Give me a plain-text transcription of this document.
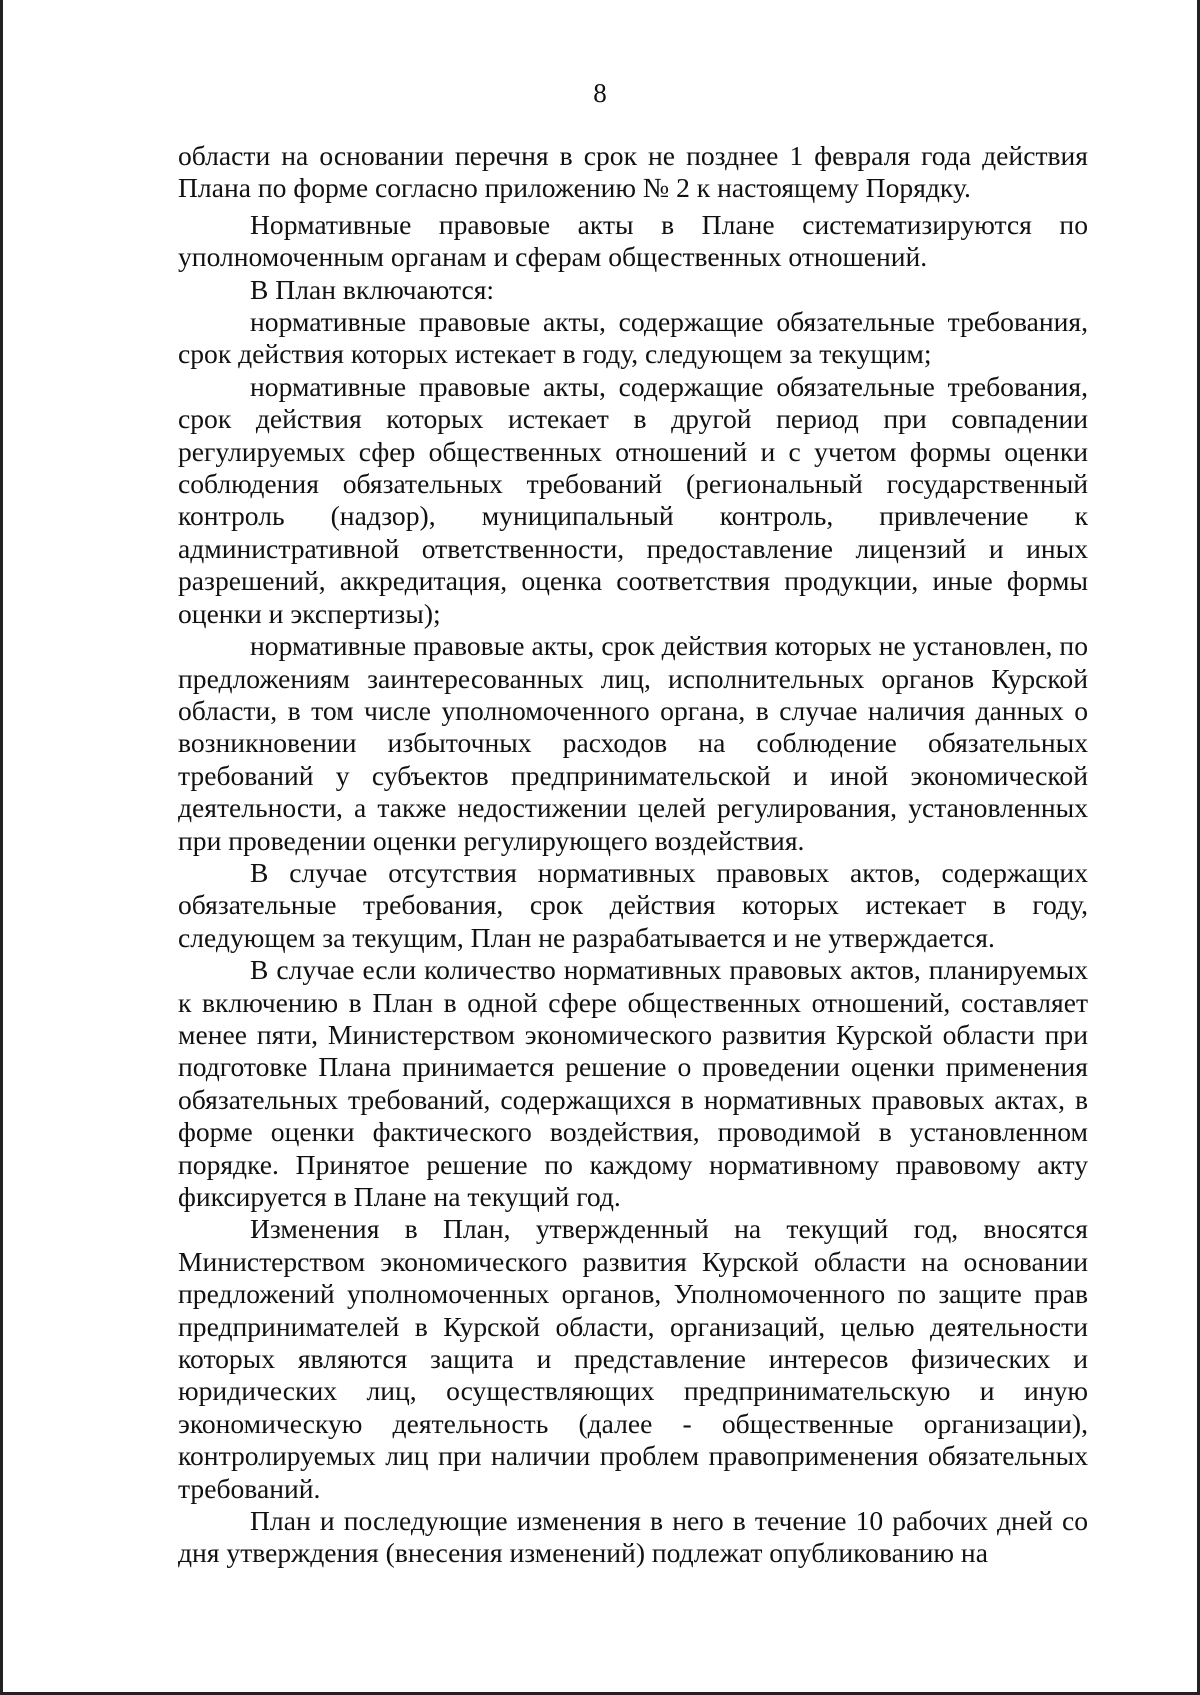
8

области на основании перечня в срок не позднее 1 февраля года действия Плана по форме согласно приложению № 2 к настоящему Порядку.

Нормативные правовые акты в Плане систематизируются по уполномоченным органам и сферам общественных отношений.

В План включаются:

нормативные правовые акты, содержащие обязательные требования, срок действия которых истекает в году, следующем за текущим;

нормативные правовые акты, содержащие обязательные требования, срок действия которых истекает в другой период при совпадении регулируемых сфер общественных отношений и с учетом формы оценки соблюдения обязательных требований (региональный государственный контроль (надзор), муниципальный контроль, привлечение к административной ответственности, предоставление лицензий и иных разрешений, аккредитация, оценка соответствия продукции, иные формы оценки и экспертизы);

нормативные правовые акты, срок действия которых не установлен, по предложениям заинтересованных лиц, исполнительных органов Курской области, в том числе уполномоченного органа, в случае наличия данных о возникновении избыточных расходов на соблюдение обязательных требований у субъектов предпринимательской и иной экономической деятельности, а также недостижении целей регулирования, установленных при проведении оценки регулирующего воздействия.

В случае отсутствия нормативных правовых актов, содержащих обязательные требования, срок действия которых истекает в году, следующем за текущим, План не разрабатывается и не утверждается.

В случае если количество нормативных правовых актов, планируемых к включению в План в одной сфере общественных отношений, составляет менее пяти, Министерством экономического развития Курской области при подготовке Плана принимается решение о проведении оценки применения обязательных требований, содержащихся в нормативных правовых актах, в форме оценки фактического воздействия, проводимой в установленном порядке. Принятое решение по каждому нормативному правовому акту фиксируется в Плане на текущий год.

Изменения в План, утвержденный на текущий год, вносятся Министерством экономического развития Курской области на основании предложений уполномоченных органов, Уполномоченного по защите прав предпринимателей в Курской области, организаций, целью деятельности которых являются защита и представление интересов физических и юридических лиц, осуществляющих предпринимательскую и иную экономическую деятельность (далее - общественные организации), контролируемых лиц при наличии проблем правоприменения обязательных требований.

План и последующие изменения в него в течение 10 рабочих дней со дня утверждения (внесения изменений) подлежат опубликованию на
